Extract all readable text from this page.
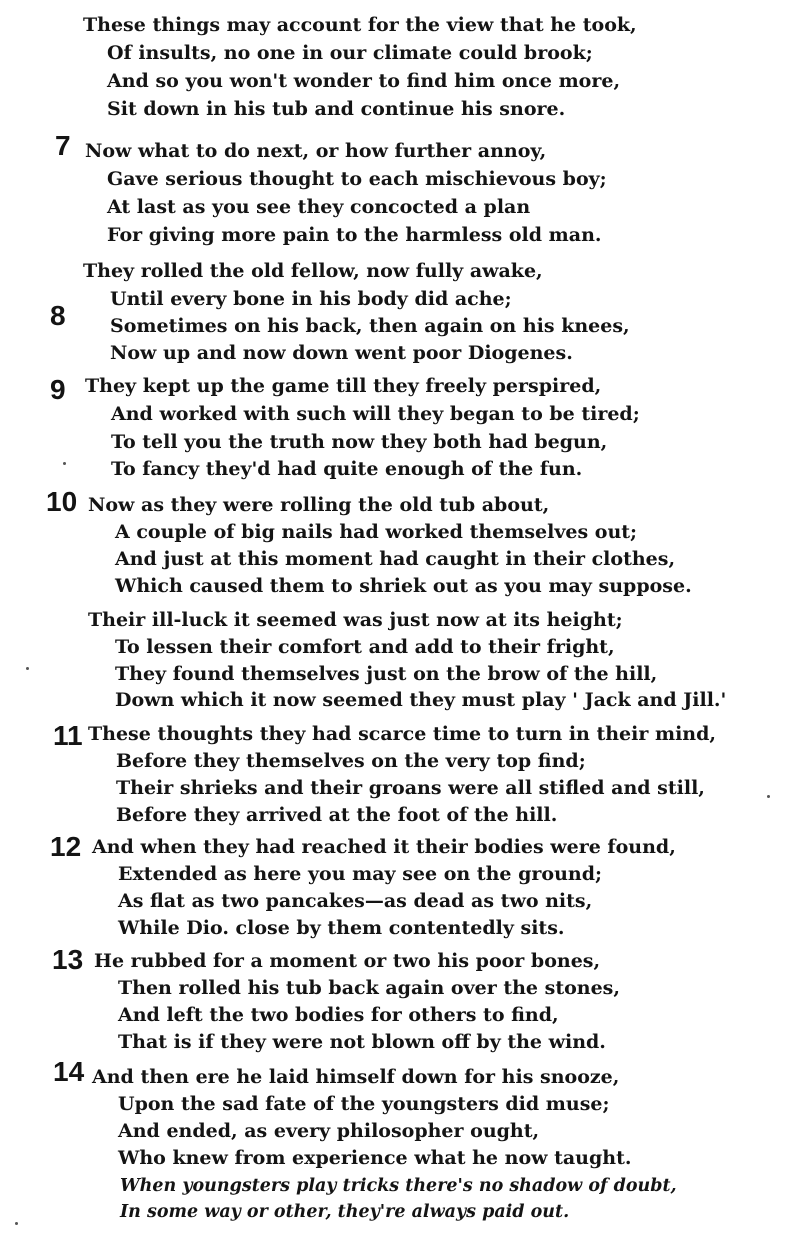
These things may account for the view that he took,
Of insults, no one in our climate could brook;
And so you won't wonder to find him once more,
Sit down in his tub and continue his snore.
7 Now what to do next, or how further annoy,
Gave serious thought to each mischievous boy;
At last as you see they concocted a plan
For giving more pain to the harmless old man.
8
They rolled the old fellow, now fully awake,
Until every bone in his body did ache;
Sometimes on his back, then again on his knees,
Now up and now down went poor Diogenes.
9 They kept up the game till they freely perspired,
And worked with such will they began to be tired;
To tell you the truth now they both had begun,
To fancy they'd had quite enough of the fun.
10 Now as they were rolling the old tub about,
A couple of big nails had worked themselves out;
And just at this moment had caught in their clothes,
Which caused them to shriek out as you may suppose.
Their ill-luck it seemed was just now at its height;
To lessen their comfort and add to their fright,
They found themselves just on the brow of the hill,
Down which it now seemed they must play ' Jack and Jill.'
11 These thoughts they had scarce time to turn in their mind,
Before they themselves on the very top find;
Their shrieks and their groans were all stifled and still,
Before they arrived at the foot of the hill.
12 And when they had reached it their bodies were found,
Extended as here you may see on the ground;
As flat as two pancakes—as dead as two nits,
While Dio. close by them contentedly sits.
13 He rubbed for a moment or two his poor bones,
Then rolled his tub back again over the stones,
And left the two bodies for others to find,
That is if they were not blown off by the wind.
14 And then ere he laid himself down for his snooze,
Upon the sad fate of the youngsters did muse;
And ended, as every philosopher ought,
Who knew from experience what he now taught.
When youngsters play tricks there's no shadow of doubt,
In some way or other, they're always paid out.
